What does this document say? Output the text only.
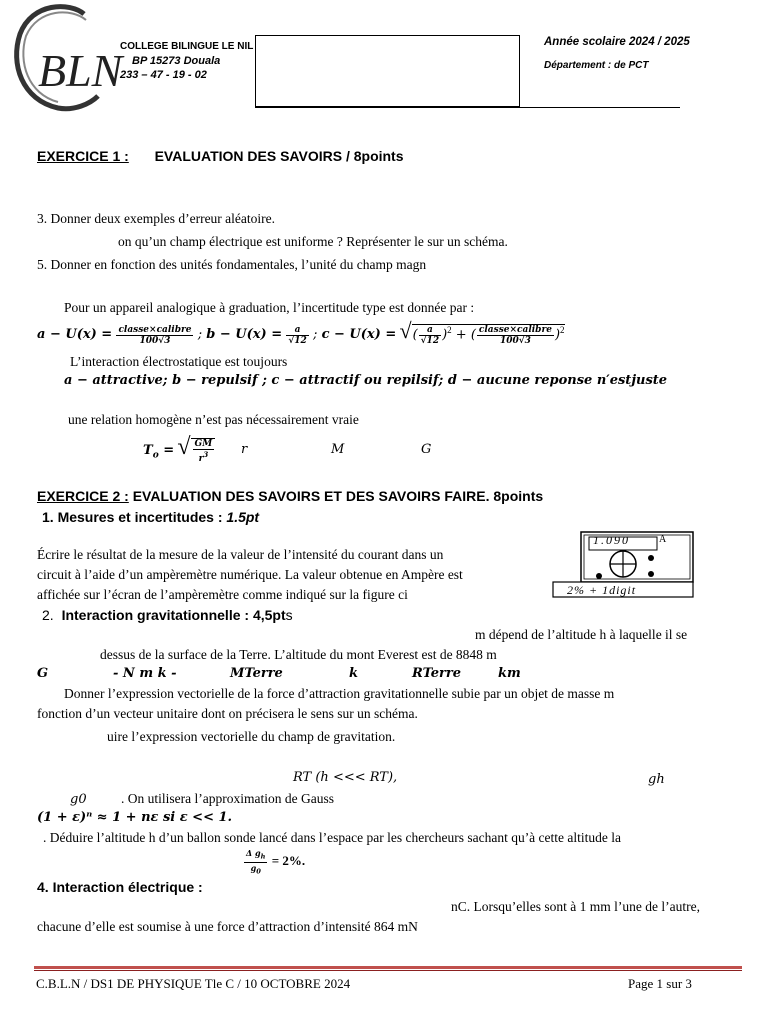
BLN
COLLEGE BILINGUE LE NIL
BP 15273 Douala
233 – 47 - 19 - 02
Année scolaire 2024 / 2025
Département : de PCT
EXERCICE 1 : EVALUATION DES SAVOIRS / 8points
3. Donner deux exemples d’erreur aléatoire.
on qu’un champ électrique est uniforme ? Représenter le sur un schéma.
5. Donner en fonction des unités fondamentales, l’unité du champ magn
Pour un appareil analogique à graduation, l’incertitude type est donnée par :
$a - U(x) = \frac{\text{classe×calibre}}{100√3}$ ; $b - U(x) = \frac{a}{√12}$ ; c − U(x) = √( $\frac{a}{√12} )^2$ + ( $\frac{\text{classe×calibre}}{100√3} )^2$
L’interaction électrostatique est toujours
a − attractive; b − repulsif ; c − attractif ou repilsif; d − aucune reponse n′estjuste
une relation homogène n’est pas nécessairement vraie
$T_o$ = √ $\frac{GM}{r^3}$ r	M	G
EXERCICE 2 : EVALUATION DES SAVOIRS ET DES SAVOIRS FAIRE. 8points
1. Mesures et incertitudes : 1.5pt
Écrire le résultat de la mesure de la valeur de l’intensité du courant dans un
circuit à l’aide d’un ampèremètre numérique. La valeur obtenue en Ampère est
affichée sur l’écran de l’ampèremètre comme indiqué sur la figure ci
1.090	A
2% + 1digit
2. Interaction gravitationnelle : 4,5pts
m dépend de l’altitude h à laquelle il se
dessus de la surface de la Terre. L’altitude du mont Everest est de 8848 m
G	- N m k -	MTerre	k	RTerre	km
Donner l’expression vectorielle de la force d’attraction gravitationnelle subie par un objet de masse m
fonction d’un vecteur unitaire dont on précisera le sens sur un schéma.
uire l’expression vectorielle du champ de gravitation.
RT (h <<< RT),	gh
g0	. On utilisera l’approximation de Gauss
(1 + ε)ⁿ ≈ 1 + nε si ε << 1.
. Déduire l’altitude h d’un ballon sonde lancé dans l’espace par les chercheurs sachant qu’à cette altitude la
$\frac{\Delta g_h}{g_0} = 2\%$.
4. Interaction électrique :
nC. Lorsqu’elles sont à 1 mm l’une de l’autre,
chacune d’elle est soumise à une force d’attraction d’intensité 864 mN
C.B.L.N / DS1 DE PHYSIQUE Tle C / 10 OCTOBRE 2024	Page 1 sur 3
